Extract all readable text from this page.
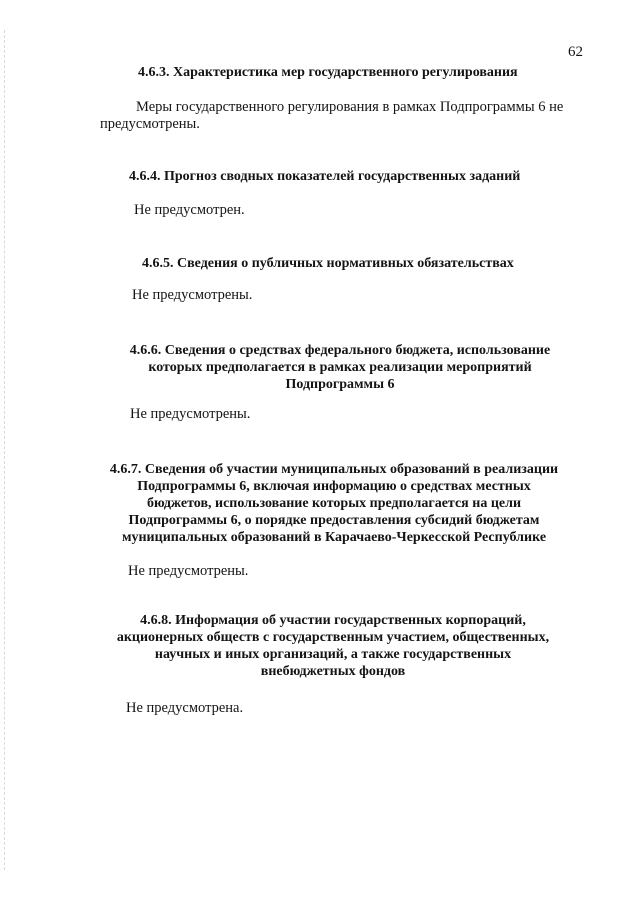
62
4.6.3. Характеристика мер государственного регулирования
Меры государственного регулирования в рамках Подпрограммы 6 не
предусмотрены.
4.6.4. Прогноз сводных показателей государственных заданий
Не предусмотрен.
4.6.5. Сведения о публичных нормативных обязательствах
Не предусмотрены.
4.6.6. Сведения о средствах федерального бюджета, использование
которых предполагается в рамках реализации мероприятий
Подпрограммы 6
Не предусмотрены.
4.6.7. Сведения об участии муниципальных образований в реализации
Подпрограммы 6, включая информацию о средствах местных
бюджетов, использование которых предполагается на цели
Подпрограммы 6, о порядке предоставления субсидий бюджетам
муниципальных образований в Карачаево-Черкесской Республике
Не предусмотрены.
4.6.8. Информация об участии государственных корпораций,
акционерных обществ с государственным участием, общественных,
научных и иных организаций, а также государственных
внебюджетных фондов
Не предусмотрена.
